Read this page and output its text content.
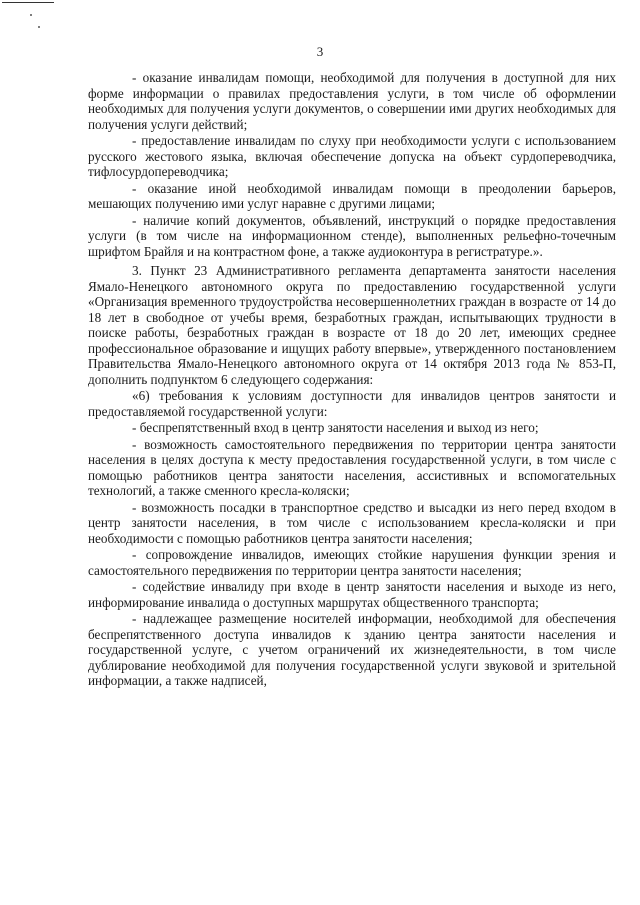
3

- оказание инвалидам помощи, необходимой для получения в доступной для них форме информации о правилах предоставления услуги, в том числе об оформлении необходимых для получения услуги документов, о совершении ими других необходимых для получения услуги действий;

- предоставление инвалидам по слуху при необходимости услуги с использованием русского жестового языка, включая обеспечение допуска на объект сурдопереводчика, тифлосурдопереводчика;

- оказание иной необходимой инвалидам помощи в преодолении барьеров, мешающих получению ими услуг наравне с другими лицами;

- наличие копий документов, объявлений, инструкций о порядке предоставления услуги (в том числе на информационном стенде), выполненных рельефно-точечным шрифтом Брайля и на контрастном фоне, а также аудиоконтура в регистратуре.».

3. Пункт 23 Административного регламента департамента занятости населения Ямало-Ненецкого автономного округа по предоставлению государственной услуги «Организация временного трудоустройства несовершеннолетних граждан в возрасте от 14 до 18 лет в свободное от учебы время, безработных граждан, испытывающих трудности в поиске работы, безработных граждан в возрасте от 18 до 20 лет, имеющих среднее профессиональное образование и ищущих работу впервые», утвержденного постановлением Правительства Ямало-Ненецкого автономного округа от 14 октября 2013 года № 853-П, дополнить подпунктом 6 следующего содержания:

«6) требования к условиям доступности для инвалидов центров занятости и предоставляемой государственной услуги:

- беспрепятственный вход в центр занятости населения и выход из него;

- возможность самостоятельного передвижения по территории центра занятости населения в целях доступа к месту предоставления государственной услуги, в том числе с помощью работников центра занятости населения, ассистивных и вспомогательных технологий, а также сменного кресла-коляски;

- возможность посадки в транспортное средство и высадки из него перед входом в центр занятости населения, в том числе с использованием кресла-коляски и при необходимости с помощью работников центра занятости населения;

- сопровождение инвалидов, имеющих стойкие нарушения функции зрения и самостоятельного передвижения по территории центра занятости населения;

- содействие инвалиду при входе в центр занятости населения и выходе из него, информирование инвалида о доступных маршрутах общественного транспорта;

- надлежащее размещение носителей информации, необходимой для обеспечения беспрепятственного доступа инвалидов к зданию центра занятости населения и государственной услуге, с учетом ограничений их жизнедеятельности, в том числе дублирование необходимой для получения государственной услуги звуковой и зрительной информации, а также надписей,
